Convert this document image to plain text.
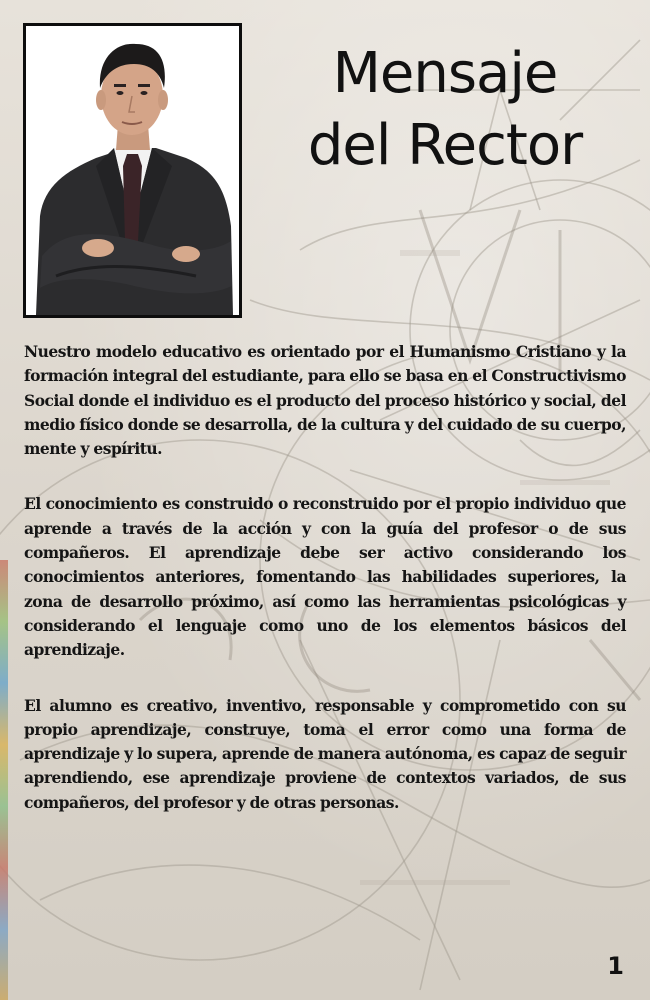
Mensaje
del Rector

Nuestro modelo educativo es orientado por el Humanismo Cristiano y la formación integral del estudiante, para ello se basa en el Constructivismo Social donde el individuo es el producto del proceso histórico y social, del medio físico donde se desarrolla, de la cultura y del cuidado de su cuerpo, mente y espíritu.

El conocimiento es construido o reconstruido por el propio individuo que aprende a través de la acción y con la guía del profesor o de sus compañeros. El aprendizaje debe ser activo considerando los conocimientos anteriores, fomentando las habilidades superiores, la zona de desarrollo próximo, así como las herramientas psicológicas y considerando el lenguaje como uno de los elementos básicos del aprendizaje.

El alumno es creativo, inventivo, responsable y comprometido con su propio aprendizaje, construye, toma el error como una forma de aprendizaje y lo supera, aprende de manera autónoma, es capaz de seguir aprendiendo, ese aprendizaje proviene de contextos variados, de sus compañeros, del profesor y de otras personas.

1
